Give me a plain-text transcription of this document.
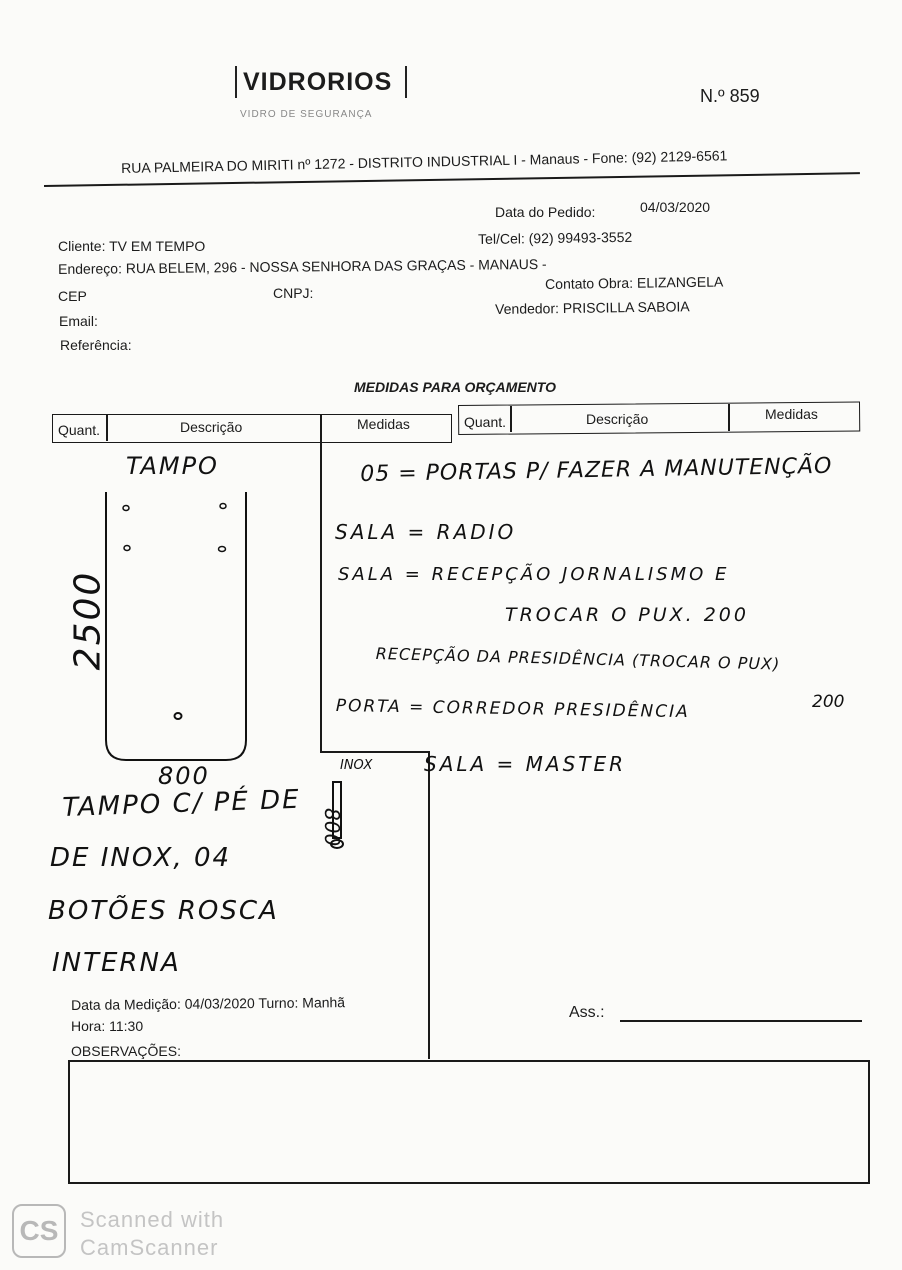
VIDRORIOS
VIDRO DE SEGURANÇA
N.º 859
RUA PALMEIRA DO MIRITI nº 1272 - DISTRITO INDUSTRIAL I - Manaus - Fone: (92) 2129-6561
Cliente: TV EM TEMPO
Endereço: RUA BELEM, 296 - NOSSA SENHORA DAS GRAÇAS - MANAUS -
CEP	CNPJ:
Email:
Referência:
Data do Pedido:	04/03/2020
Tel/Cel: (92) 99493-3552
Contato Obra: ELIZANGELA
Vendedor: PRISCILLA SABOIA
MEDIDAS PARA ORÇAMENTO
Quant.	Descrição	Medidas	Quant.	Descrição	Medidas
TAMPO
2500
800
TAMPO C/ PÉ DE
DE INOX, 04
BOTÕES ROSCA
INTERNA
INOX
800
05 = PORTAS P/ FAZER A MANUTENÇÃO
SALA = RADIO
SALA = RECEPÇÃO JORNALISMO E
TROCAR O PUX. 200
RECEPÇÃO DA PRESIDÊNCIA (TROCAR O PUX)
200
PORTA = CORREDOR PRESIDÊNCIA
SALA = MASTER
Data da Medição: 04/03/2020 Turno: Manhã
Hora: 11:30
OBSERVAÇÕES:
Ass.:
CS Scanned with
CamScanner
